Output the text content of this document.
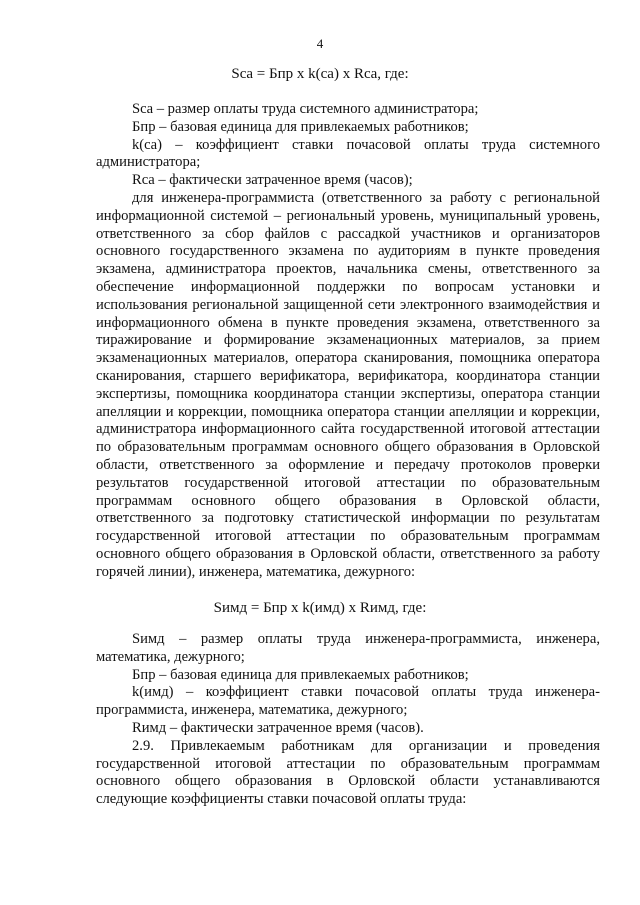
4
Sca = Бпр x k(ca) x Rca, где:

Sca – размер оплаты труда системного администратора;

Бпр – базовая единица для привлекаемых работников;

k(ca) – коэффициент ставки почасовой оплаты труда системного администратора;

Rca – фактически затраченное время (часов);

для инженера-программиста (ответственного за работу с региональной информационной системой – региональный уровень, муниципальный уровень, ответственного за сбор файлов с рассадкой участников и организаторов основного государственного экзамена по аудиториям в пункте проведения экзамена, администратора проектов, начальника смены, ответственного за обеспечение информационной поддержки по вопросам установки и использования региональной защищенной сети электронного взаимодействия и информационного обмена в пункте проведения экзамена, ответственного за тиражирование и формирование экзаменационных материалов, за прием экзаменационных материалов, оператора сканирования, помощника оператора сканирования, старшего верификатора, верификатора, координатора станции экспертизы, помощника координатора станции экспертизы, оператора станции апелляции и коррекции, помощника оператора станции апелляции и коррекции, администратора информационного сайта государственной итоговой аттестации по образовательным программам основного общего образования в Орловской области, ответственного за оформление и передачу протоколов проверки результатов государственной итоговой аттестации по образовательным программам основного общего образования в Орловской области, ответственного за подготовку статистической информации по результатам государственной итоговой аттестации по образовательным программам основного общего образования в Орловской области, ответственного за работу горячей линии), инженера, математика, дежурного:

Sимд = Бпр x k(имд) x Rимд, где:

Sимд – размер оплаты труда инженера-программиста, инженера, математика, дежурного;

Бпр – базовая единица для привлекаемых работников;

k(имд) – коэффициент ставки почасовой оплаты труда инженера-программиста, инженера, математика, дежурного;

Rимд – фактически затраченное время (часов).

2.9. Привлекаемым работникам для организации и проведения государственной итоговой аттестации по образовательным программам основного общего образования в Орловской области устанавливаются следующие коэффициенты ставки почасовой оплаты труда:
